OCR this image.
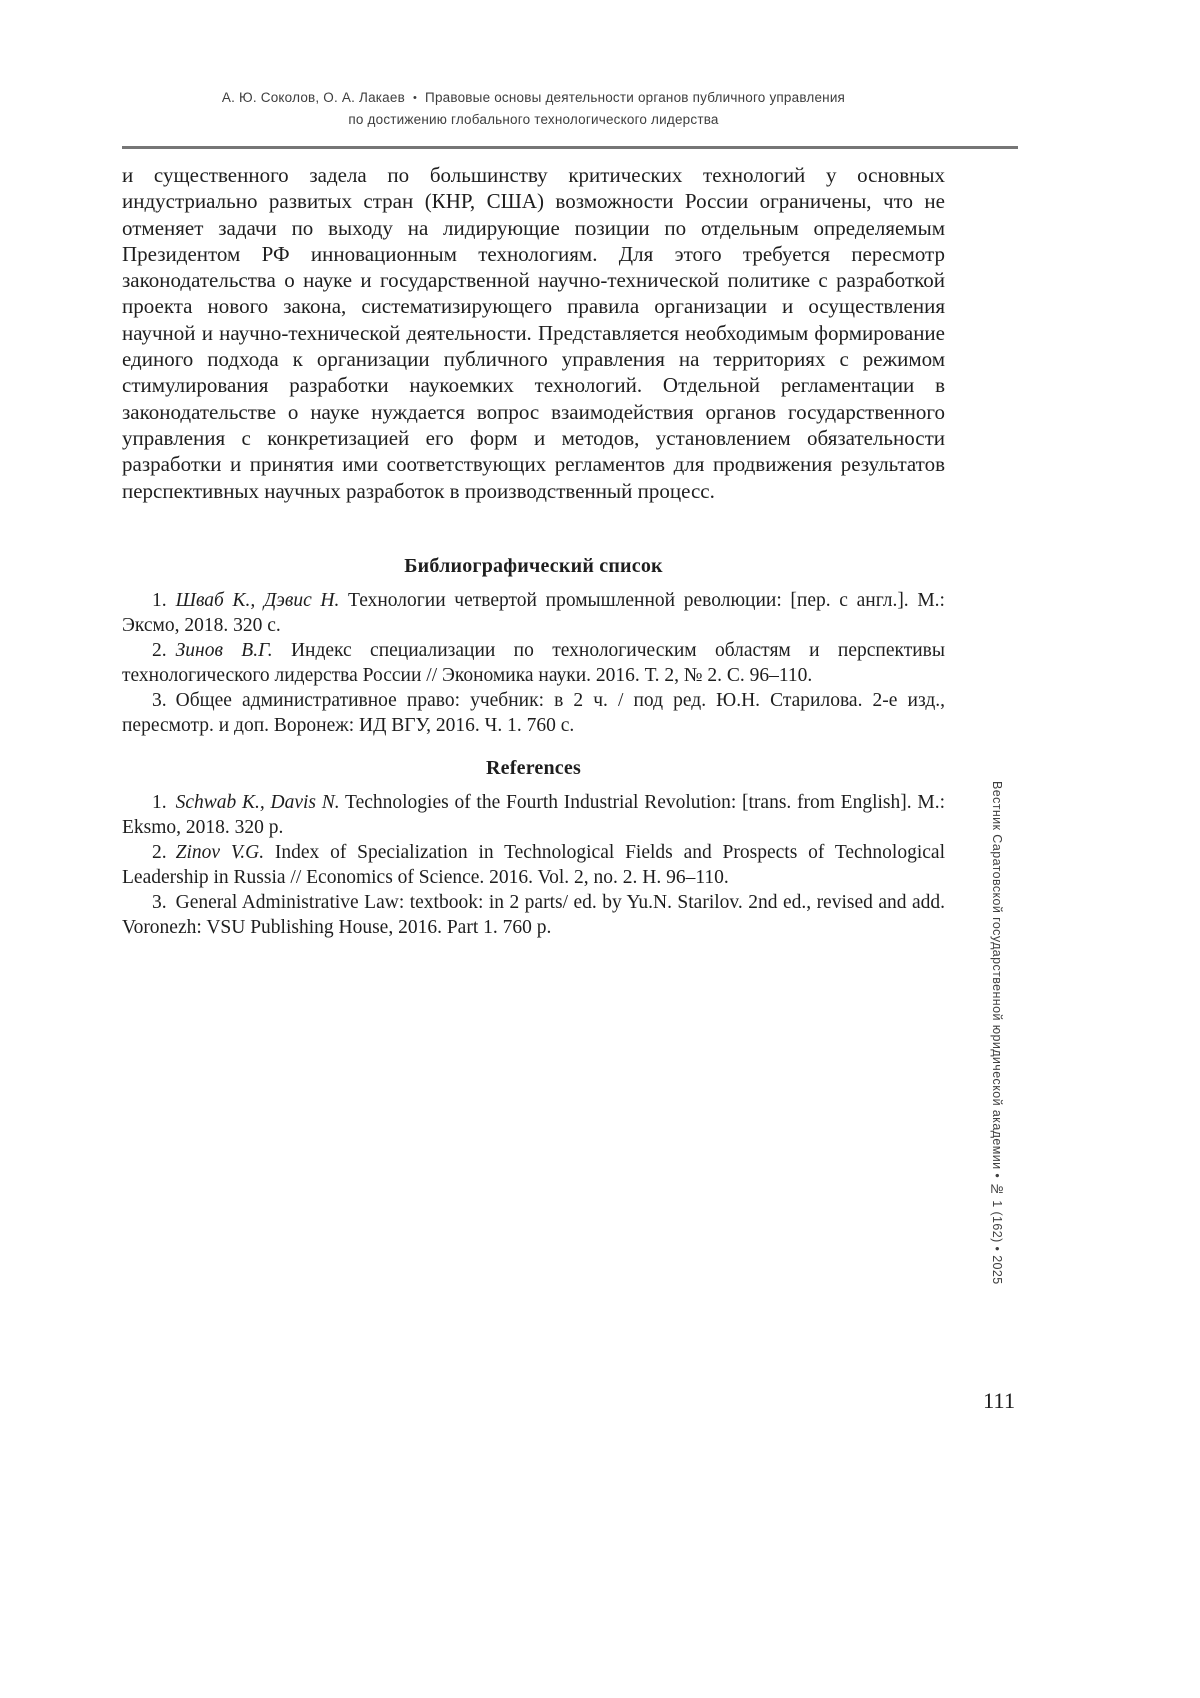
А. Ю. Соколов, О. А. Лакаев • Правовые основы деятельности органов публичного управления
по достижению глобального технологического лидерства

и существенного задела по большинству критических технологий у основных индустриально развитых стран (КНР, США) возможности России ограничены, что не отменяет задачи по выходу на лидирующие позиции по отдельным определяемым Президентом РФ инновационным технологиям. Для этого требуется пересмотр законодательства о науке и государственной научно-технической политике с разработкой проекта нового закона, систематизирующего правила организации и осуществления научной и научно-технической деятельности. Представляется необходимым формирование единого подхода к организации публичного управления на территориях с режимом стимулирования разработки наукоемких технологий. Отдельной регламентации в законодательстве о науке нуждается вопрос взаимодействия органов государственного управления с конкретизацией его форм и методов, установлением обязательности разработки и принятия ими соответствующих регламентов для продвижения результатов перспективных научных разработок в производственный процесс.

Библиографический список

1. Шваб К., Дэвис Н. Технологии четвертой промышленной революции: [пер. с англ.]. М.: Эксмо, 2018. 320 с.

2. Зинов В.Г. Индекс специализации по технологическим областям и перспективы технологического лидерства России // Экономика науки. 2016. Т. 2, № 2. С. 96–110.

3. Общее административное право: учебник: в 2 ч. / под ред. Ю.Н. Старилова. 2-е изд., пересмотр. и доп. Воронеж: ИД ВГУ, 2016. Ч. 1. 760 с.

References

1. Schwab K., Davis N. Technologies of the Fourth Industrial Revolution: [trans. from English]. M.: Eksmo, 2018. 320 p.

2. Zinov V.G. Index of Specialization in Technological Fields and Prospects of Technological Leadership in Russia // Economics of Science. 2016. Vol. 2, no. 2. Н. 96–110.

3. General Administrative Law: textbook: in 2 parts/ ed. by Yu.N. Starilov. 2nd ed., revised and add. Voronezh: VSU Publishing House, 2016. Part 1. 760 p.	Вестник Саратовской государственной юридической академии • № 1 (162) • 2025
111
